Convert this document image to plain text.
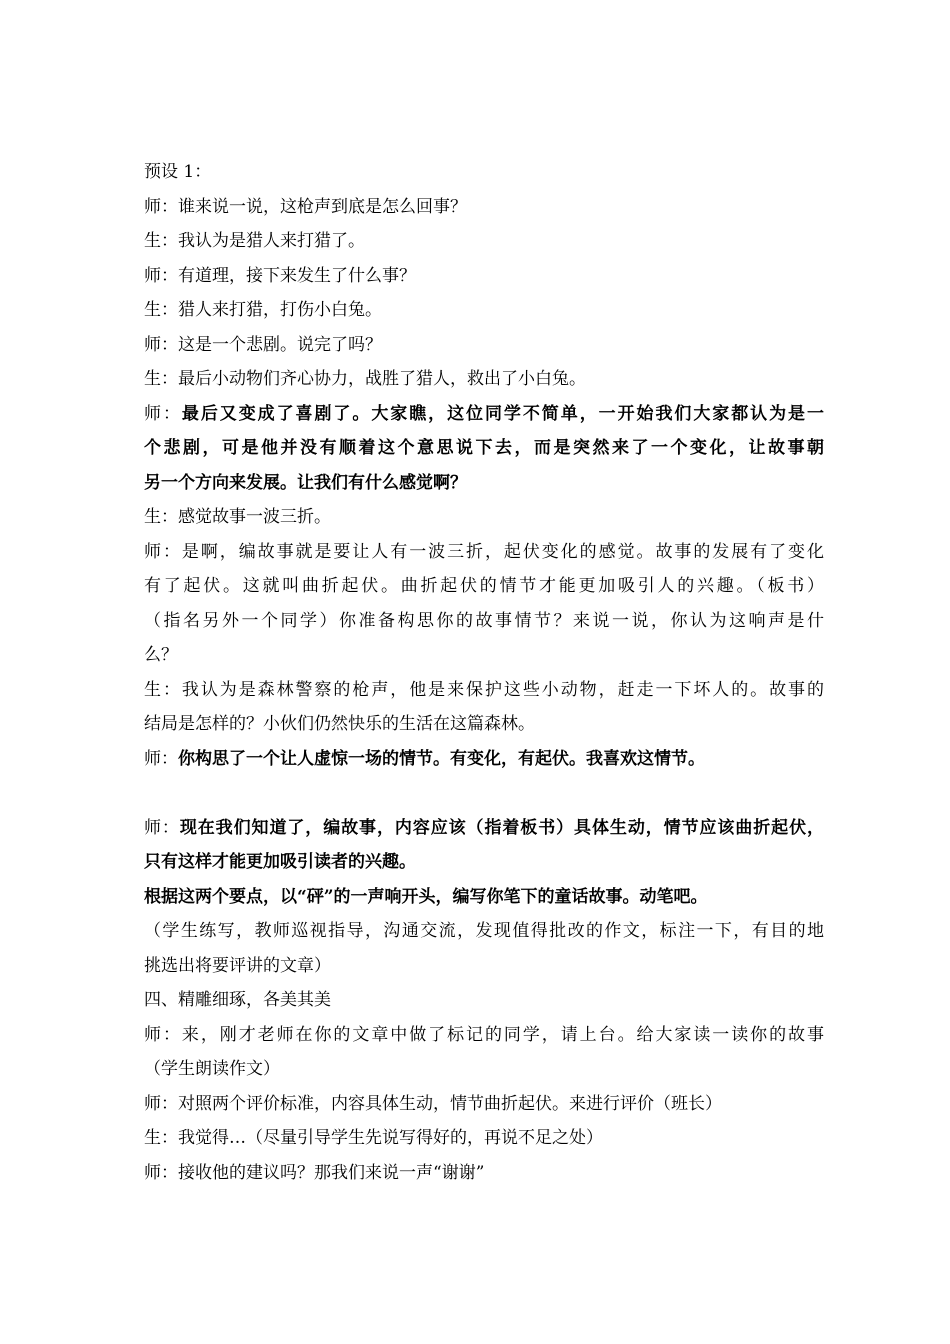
预设 1：
师：谁来说一说，这枪声到底是怎么回事？
生：我认为是猎人来打猎了。
师：有道理，接下来发生了什么事？
生：猎人来打猎，打伤小白兔。
师：这是一个悲剧。说完了吗？
生：最后小动物们齐心协力，战胜了猎人，救出了小白兔。
师：最后又变成了喜剧了。大家瞧，这位同学不简单，一开始我们大家都认为是一
个悲剧，可是他并没有顺着这个意思说下去，而是突然来了一个变化，让故事朝
另一个方向来发展。让我们有什么感觉啊？
生：感觉故事一波三折。
师：是啊，编故事就是要让人有一波三折，起伏变化的感觉。故事的发展有了变化
有了起伏。这就叫曲折起伏。曲折起伏的情节才能更加吸引人的兴趣。（板书）
（指名另外一个同学）你准备构思你的故事情节？来说一说，你认为这响声是什
么？
生：我认为是森林警察的枪声，他是来保护这些小动物，赶走一下坏人的。故事的
结局是怎样的？小伙们仍然快乐的生活在这篇森林。
师：你构思了一个让人虚惊一场的情节。有变化，有起伏。我喜欢这情节。
师：现在我们知道了，编故事，内容应该（指着板书）具体生动，情节应该曲折起伏，
只有这样才能更加吸引读者的兴趣。
根据这两个要点，以“砰”的一声响开头，编写你笔下的童话故事。动笔吧。
（学生练写，教师巡视指导，沟通交流，发现值得批改的作文，标注一下，有目的地
挑选出将要评讲的文章）
四、精雕细琢，各美其美
师：来，刚才老师在你的文章中做了标记的同学，请上台。给大家读一读你的故事
（学生朗读作文）
师：对照两个评价标准，内容具体生动，情节曲折起伏。来进行评价（班长）
生：我觉得…（尽量引导学生先说写得好的，再说不足之处）
师：接收他的建议吗？那我们来说一声“谢谢”
